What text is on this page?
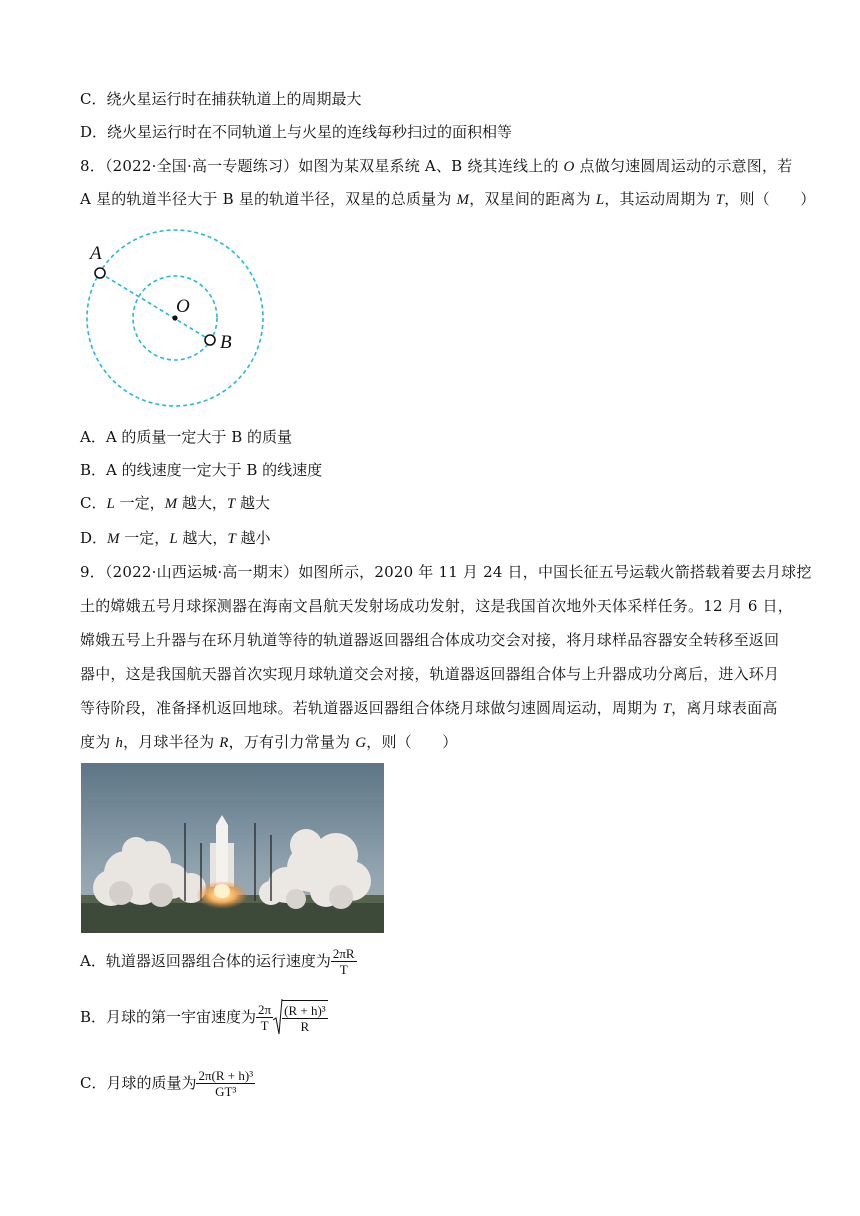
C．绕火星运行时在捕获轨道上的周期最大
D．绕火星运行时在不同轨道上与火星的连线每秒扫过的面积相等
8．（2022·全国·高一专题练习）如图为某双星系统 A、B 绕其连线上的 O 点做匀速圆周运动的示意图，若
A 星的轨道半径大于 B 星的轨道半径，双星的总质量为 M，双星间的距离为 L，其运动周期为 T，则（　　）
A
O
B
A．A 的质量一定大于 B 的质量
B．A 的线速度一定大于 B 的线速度
C．L 一定，M 越大，T 越大
D．M 一定，L 越大，T 越小
9．（2022·山西运城·高一期末）如图所示，2020 年 11 月 24 日，中国长征五号运载火箭搭载着要去月球挖
土的嫦娥五号月球探测器在海南文昌航天发射场成功发射，这是我国首次地外天体采样任务。12 月 6 日，
嫦娥五号上升器与在环月轨道等待的轨道器返回器组合体成功交会对接，将月球样品容器安全转移至返回
器中，这是我国航天器首次实现月球轨道交会对接，轨道器返回器组合体与上升器成功分离后，进入环月
等待阶段，准备择机返回地球。若轨道器返回器组合体绕月球做匀速圆周运动，周期为 T，离月球表面高
度为 h，月球半径为 R，万有引力常量为 G，则（　　）
A．轨道器返回器组合体的运行速度为 $\frac{2\pi R}{T}$
B．月球的第一宇宙速度为 $\frac{2\pi}{T} \frac{\text{(R + h)³}}{R}$
C．月球的质量为 $\frac{\text{2π(R + h)³}}{\text{GT³}}$
